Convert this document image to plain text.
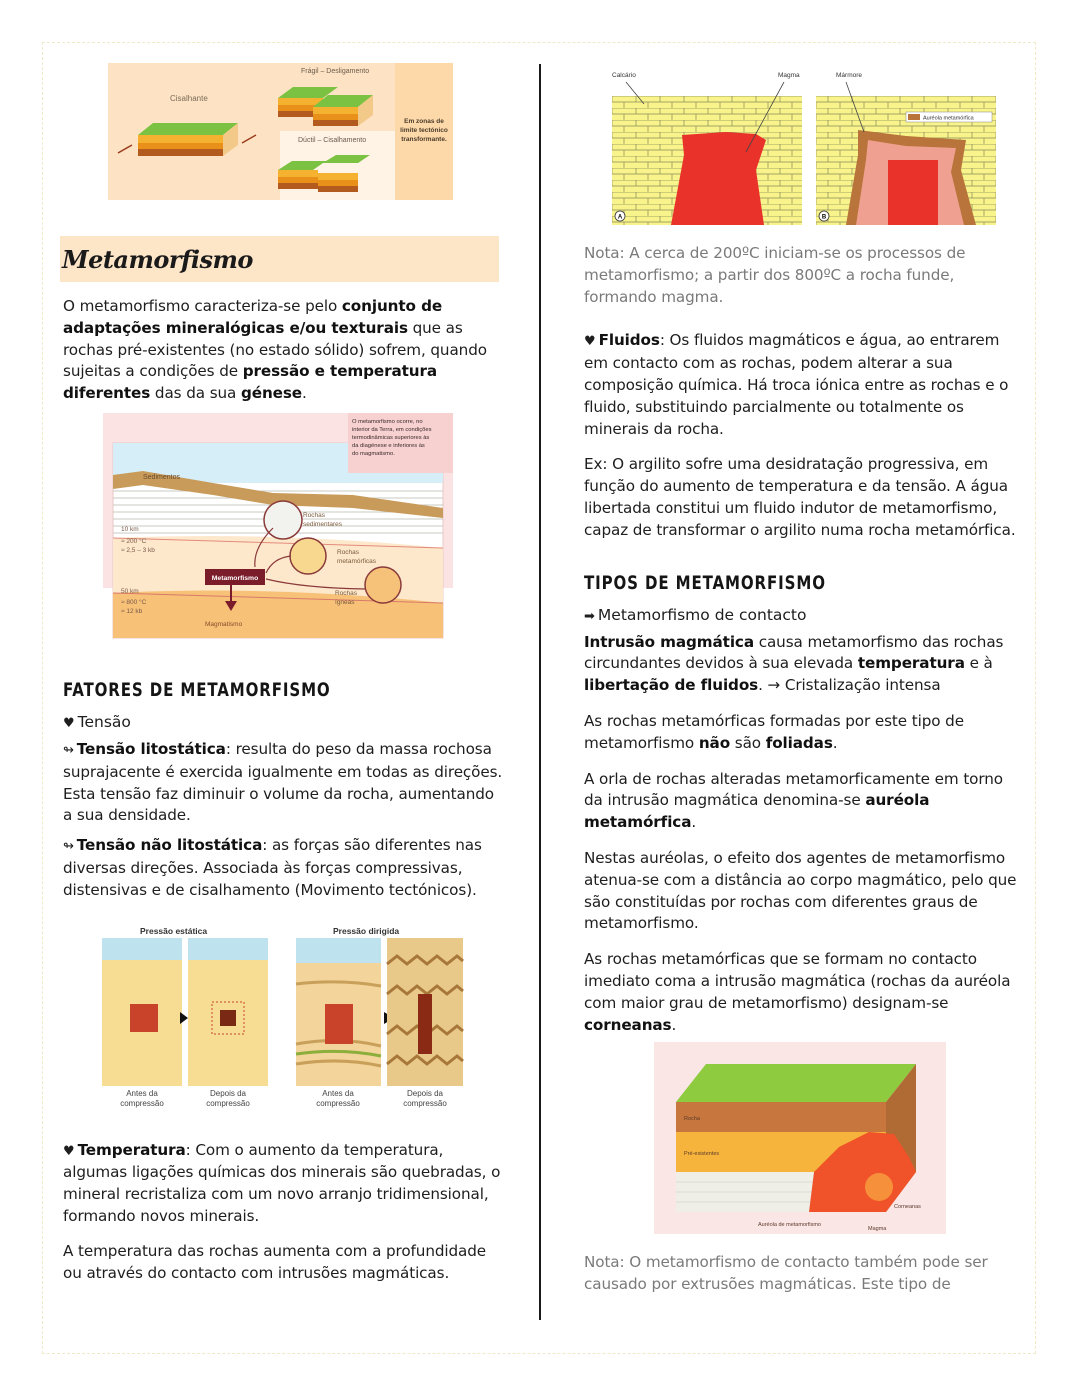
Cisalhante
Frágil – Desligamento
Dúctil – Cisalhamento
Em zonas de
limite tectónico
transformante.
Metamorfismo

O metamorfismo caracteriza-se pelo conjunto de adaptações mineralógicas e/ou texturais que as rochas pré-existentes (no estado sólido) sofrem, quando sujeitas a condições de pressão e temperatura diferentes das da sua génese.

Sedimentos
O metamorfismo ocorre, no
interior da Terra, em condições
termodinâmicas superiores às
da diagénese e inferiores às
do magmatismo.
Rochas
sedimentares
Rochas
metamórficas
Rochas
ígneas
10 km
≈ 200 °C
≈ 2,5 – 3 kb
50 km
≈ 800 °C
≈ 12 kb
Metamorfismo
Magmatismo
FATORES DE METAMORFISMO

♥ Tensão

↬ Tensão litostática: resulta do peso da massa rochosa suprajacente é exercida igualmente em todas as direções. Esta tensão faz diminuir o volume da rocha, aumentando a sua densidade.

↬ Tensão não litostática: as forças são diferentes nas diversas direções. Associada às forças compressivas, distensivas e de cisalhamento (Movimento tectónicos).

Pressão estática	Pressão dirigida
Antes da
compressão
Depois da
compressão
Antes da
compressão
Depois da
compressão

♥ Temperatura: Com o aumento da temperatura, algumas ligações químicas dos minerais são quebradas, o mineral recristaliza com um novo arranjo tridimensional, formando novos minerais.

A temperatura das rochas aumenta com a profundidade ou através do contacto com intrusões magmáticas.

Calcário	Magma	Mármore
Auréola metamórfica
A	B

Nota: A cerca de 200ºC iniciam-se os processos de metamorfismo; a partir dos 800ºC a rocha funde, formando magma.

♥ Fluidos: Os fluidos magmáticos e água, ao entrarem em contacto com as rochas, podem alterar a sua composição química. Há troca iónica entre as rochas e o fluido, substituindo parcialmente ou totalmente os minerais da rocha.

Ex: O argilito sofre uma desidratação progressiva, em função do aumento de temperatura e da tensão. A água libertada constitui um fluido indutor de metamorfismo, capaz de transformar o argilito numa rocha metamórfica.

TIPOS DE METAMORFISMO

➡ Metamorfismo de contacto

Intrusão magmática causa metamorfismo das rochas circundantes devidos à sua elevada temperatura e à libertação de fluidos. → Cristalização intensa

As rochas metamórficas formadas por este tipo de metamorfismo não são foliadas.

A orla de rochas alteradas metamorficamente em torno da intrusão magmática denomina-se auréola metamórfica.

Nestas auréolas, o efeito dos agentes de metamorfismo atenua-se com a distância ao corpo magmático, pelo que são constituídas por rochas com diferentes graus de metamorfismo.

As rochas metamórficas que se formam no contacto imediato coma a intrusão magmática (rochas da auréola com maior grau de metamorfismo) designam-se corneanas.

Rocha
Pré-existentes
Corneanas
Auréola de metamorfismo
Magma

Nota: O metamorfismo de contacto também pode ser causado por extrusões magmáticas. Este tipo de
